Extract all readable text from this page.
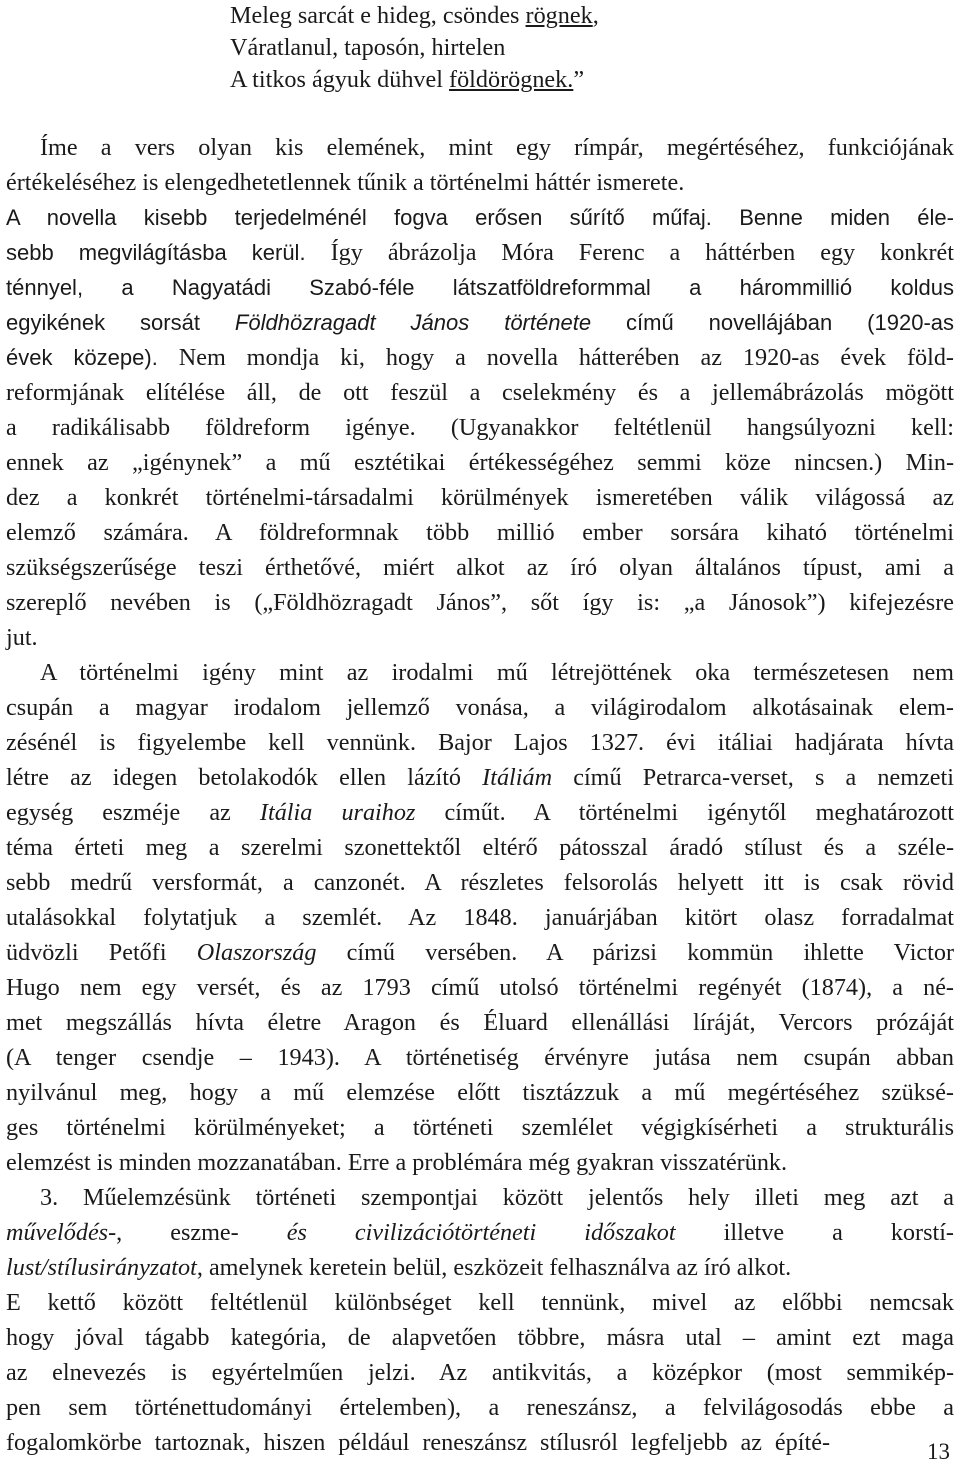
Meleg sarcát e hideg, csöndes rögnek,
Váratlanul, taposón, hirtelen
A titkos ágyuk dühvel földörögnek.”
Íme a vers olyan kis elemének, mint egy rímpár, megértéséhez, funkciójának
értékeléséhez is elengedhetetlennek tűnik a történelmi háttér ismerete.
A novella kisebb terjedelménél fogva erősen sűrítő műfaj. Benne miden éle-
sebb megvilágításba kerül. Így ábrázolja Móra Ferenc a háttérben egy konkrét
ténnyel, a Nagyatádi Szabó-féle látszatföldreformmal a hárommillió koldus
egyikének sorsát Földhözragadt János története című novellájában (1920-as
évek közepe). Nem mondja ki, hogy a novella hátterében az 1920-as évek föld-
reformjának elítélése áll, de ott feszül a cselekmény és a jellemábrázolás mögött
a radikálisabb földreform igénye. (Ugyanakkor feltétlenül hangsúlyozni kell:
ennek az „igénynek” a mű esztétikai értékességéhez semmi köze nincsen.) Min-
dez a konkrét történelmi-társadalmi körülmények ismeretében válik világossá az
elemző számára. A földreformnak több millió ember sorsára kiható történelmi
szükségszerűsége teszi érthetővé, miért alkot az író olyan általános típust, ami a
szereplő nevében is („Földhözragadt János”, sőt így is: „a Jánosok”) kifejezésre
jut.
A történelmi igény mint az irodalmi mű létrejöttének oka természetesen nem
csupán a magyar irodalom jellemző vonása, a világirodalom alkotásainak elem-
zésénél is figyelembe kell vennünk. Bajor Lajos 1327. évi itáliai hadjárata hívta
létre az idegen betolakodók ellen lázító Itáliám című Petrarca-verset, s a nemzeti
egység eszméje az Itália uraihoz címűt. A történelmi igénytől meghatározott
téma érteti meg a szerelmi szonettektől eltérő pátosszal áradó stílust és a széle-
sebb medrű versformát, a canzonét. A részletes felsorolás helyett itt is csak rövid
utalásokkal folytatjuk a szemlét. Az 1848. januárjában kitört olasz forradalmat
üdvözli Petőfi Olaszország című versében. A párizsi kommün ihlette Victor
Hugo nem egy versét, és az 1793 című utolsó történelmi regényét (1874), a né-
met megszállás hívta életre Aragon és Éluard ellenállási líráját, Vercors prózáját
(A tenger csendje – 1943). A történetiség érvényre jutása nem csupán abban
nyilvánul meg, hogy a mű elemzése előtt tisztázzuk a mű megértéséhez szüksé-
ges történelmi körülményeket; a történeti szemlélet végigkísérheti a strukturális
elemzést is minden mozzanatában. Erre a problémára még gyakran visszatérünk.
3. Műelemzésünk történeti szempontjai között jelentős hely illeti meg azt a
művelődés-, eszme- és civilizációtörténeti időszakot illetve a korstí-
lust/stílusirányzatot, amelynek keretein belül, eszközeit felhasználva az író alkot.
E kettő között feltétlenül különbséget kell tennünk, mivel az előbbi nemcsak
hogy jóval tágabb kategória, de alapvetően többre, másra utal – amint ezt maga
az elnevezés is egyértelműen jelzi. Az antikvitás, a középkor (most semmikép-
pen sem történettudományi értelemben), a reneszánsz, a felvilágosodás ebbe a
fogalomkörbe tartoznak, hiszen például reneszánsz stílusról legfeljebb az építé-	13
